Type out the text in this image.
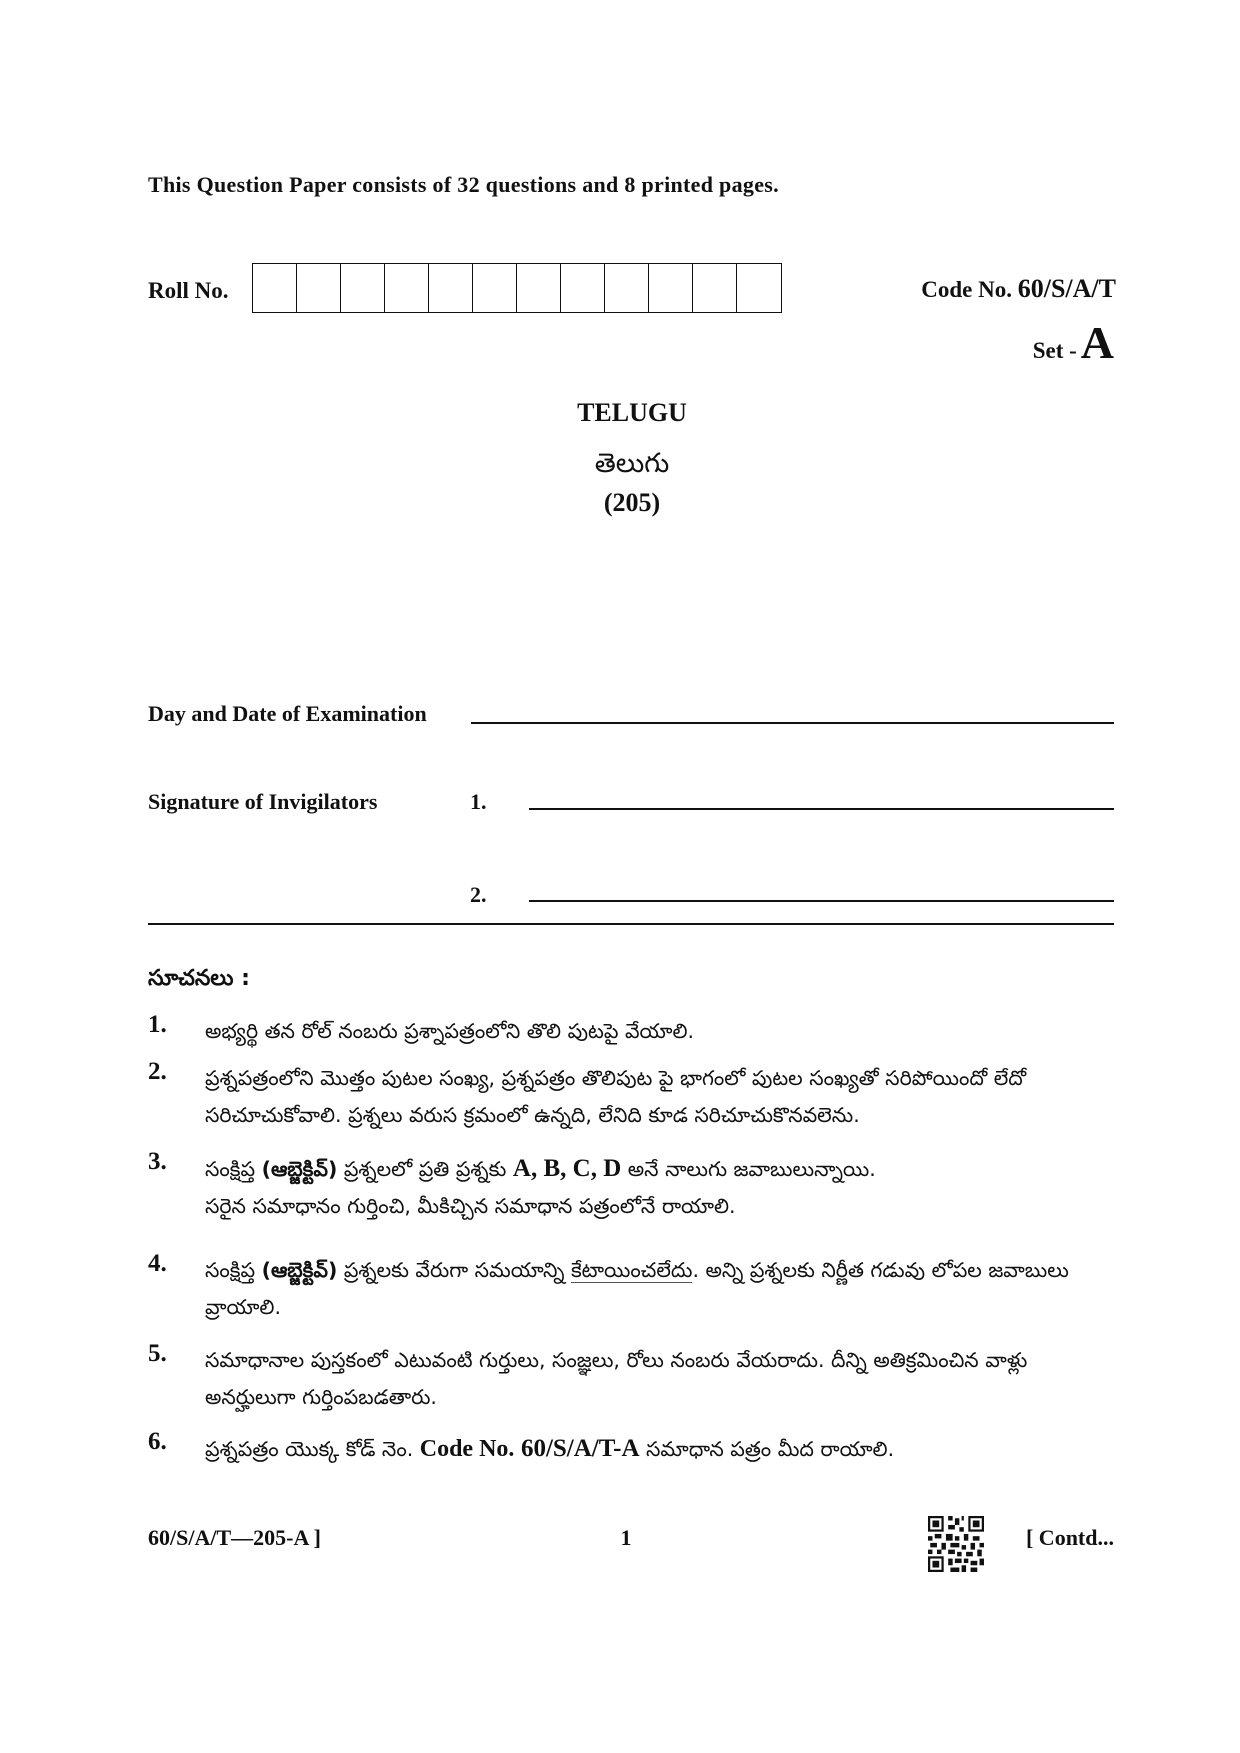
This Question Paper consists of 32 questions and 8 printed pages.
Roll No.	Code No. 60/S/A/T
Set - A
TELUGU
తెలుగు
(205)
Day and Date of Examination
Signature of Invigilators	1.
2.
సూచనలు :
1. అభ్యర్థి తన రోల్ నంబరు ప్రశ్నాపత్రంలోని తొలి పుటపై వేయాలి.
2. ప్రశ్నపత్రంలోని మొత్తం పుటల సంఖ్య, ప్రశ్నపత్రం తొలిపుట పై భాగంలో పుటల సంఖ్యతో సరిపోయిందో లేదో సరిచూచుకోవాలి. ప్రశ్నలు వరుస క్రమంలో ఉన్నది, లేనిది కూడ సరిచూచుకొనవలెను.
3. సంక్షిప్త (ఆబ్జెక్టివ్) ప్రశ్నలలో ప్రతి ప్రశ్నకు A, B, C, D అనే నాలుగు జవాబులున్నాయి.
సరైన సమాధానం గుర్తించి, మీకిచ్చిన సమాధాన పత్రంలోనే రాయాలి.
4. సంక్షిప్త (ఆబ్జెక్టివ్) ప్రశ్నలకు వేరుగా సమయాన్ని కేటాయించలేదు. అన్ని ప్రశ్నలకు నిర్ణీత గడువు లోపల జవాబులు వ్రాయాలి.
5. సమాధానాల పుస్తకంలో ఎటువంటి గుర్తులు, సంజ్ఞలు, రోలు నంబరు వేయరాదు. దీన్ని అతిక్రమించిన వాళ్లు అనర్హులుగా గుర్తింపబడతారు.
6. ప్రశ్నపత్రం యొక్క కోడ్ నెం. Code No. 60/S/A/T-A సమాధాన పత్రం మీద రాయాలి.
60/S/A/T—205-A ]	1	[ Contd...
